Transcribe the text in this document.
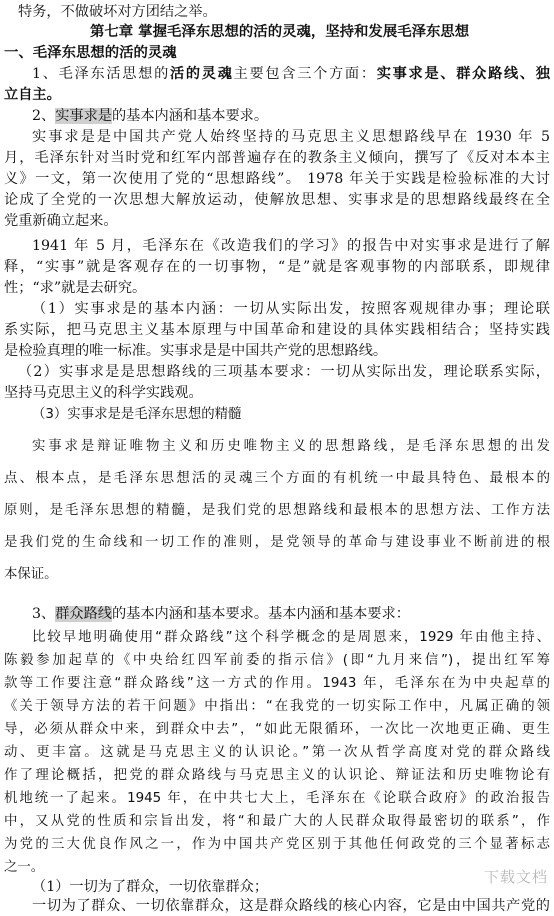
特务，不做破坏对方团结之举。
第七章 掌握毛泽东思想的活的灵魂，坚持和发展毛泽东思想
一、毛泽东思想的活的灵魂
1、毛泽东活思想的活的灵魂主要包含三个方面：实事求是、群众路线、独
立自主。
2、实事求是的基本内涵和基本要求。
实事求是是中国共产党人始终坚持的马克思主义思想路线早在 1930 年 5
月，毛泽东针对当时党和红军内部普遍存在的教条主义倾向，撰写了《反对本本主
义》一文，第一次使用了党的“思想路线”。 1978 年关于实践是检验标准的大讨
论成了全党的一次思想大解放运动，使解放思想、实事求是的思想路线最终在全
党重新确立起来。
1941 年 5 月，毛泽东在《改造我们的学习》的报告中对实事求是进行了解
释，“实事”就是客观存在的一切事物，“是”就是客观事物的内部联系，即规律
性；“求”就是去研究。
（1）实事求是的基本内涵：一切从实际出发，按照客观规律办事；理论联
系实际，把马克思主义基本原理与中国革命和建设的具体实践相结合；坚持实践
是检验真理的唯一标准。实事求是是中国共产党的思想路线。
（2）实事求是是思想路线的三项基本要求：一切从实际出发，理论联系实际，
坚持马克思主义的科学实践观。
（3）实事求是是毛泽东思想的精髓
实事求是辩证唯物主义和历史唯物主义的思想路线，是毛泽东思想的出发
点、根本点，是毛泽东思想活的灵魂三个方面的有机统一中最具特色、最根本的
原则，是毛泽东思想的精髓，是我们党的思想路线和最根本的思想方法、工作方法
是我们党的生命线和一切工作的准则，是党领导的革命与建设事业不断前进的根
本保证。
3、群众路线的基本内涵和基本要求。基本内涵和基本要求：
比较早地明确使用“群众路线”这个科学概念的是周恩来，1929 年由他主持、
陈毅参加起草的《中央给红四军前委的指示信》(即“九月来信”)，提出红军筹
款等工作要注意“群众路线”这一方式的作用。1943 年，毛泽东在为中央起草的
《关于领导方法的若干问题》中指出：“在我党的一切实际工作中，凡属正确的领
导，必须从群众中来，到群众中去”，“如此无限循环，一次比一次地更正确、更生
动、更丰富。这就是马克思主义的认识论。”第一次从哲学高度对党的群众路线
作了理论概括，把党的群众路线与马克思主义的认识论、辩证法和历史唯物论有
机地统一了起来。1945 年，在中共七大上，毛泽东在《论联合政府》的政治报告
中，又从党的性质和宗旨出发，将“和最广大的人民群众取得最密切的联系”，作
为党的三大优良作风之一，作为中国共产党区别于其他任何政党的三个显著标志
之一。
（1）一切为了群众，一切依靠群众；
一切为了群众、一切依靠群众，这是群众路线的核心内容，它是由中国共产党的
下载文档
